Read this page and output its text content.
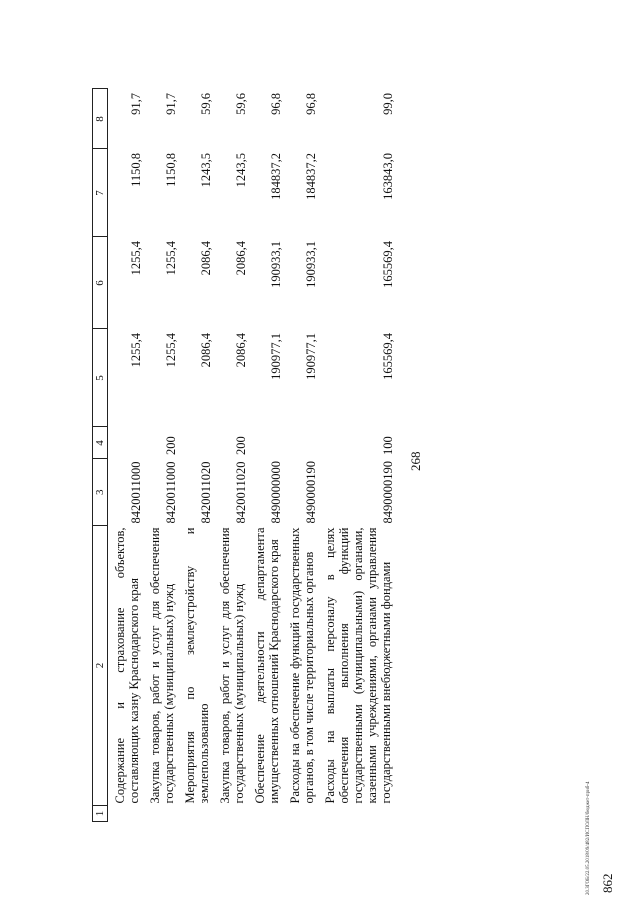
268
862
20.ЗГОБ/22.05.2018/09/482/ИСПОЛН/бюджет-приб-4
1	2	3	4	5	6	7	8
	Содержание и страхование объектов, составляющих казну Краснодарского края	8420011000		1255,4	1255,4	1150,8	91,7
	Закупка товаров, работ и услуг для обеспечения государственных (муниципальных) нужд	8420011000	200	1255,4	1255,4	1150,8	91,7
	Мероприятия по землеустройству и землепользованию	8420011020		2086,4	2086,4	1243,5	59,6
	Закупка товаров, работ и услуг для обеспечения государственных (муниципальных) нужд	8420011020	200	2086,4	2086,4	1243,5	59,6
	Обеспечение деятельности департамента имущественных отношений Краснодарского края	8490000000		190977,1	190933,1	184837,2	96,8
	Расходы на обеспечение функций государственных органов, в том числе территориальных органов	8490000190		190977,1	190933,1	184837,2	96,8
	Расходы на выплаты персоналу в целях обеспечения выполнения функций государственными (муниципальными) органами, казенными учреждениями, органами управления государственными внебюджетными фондами	8490000190	100	165569,4	165569,4	163843,0	99,0
